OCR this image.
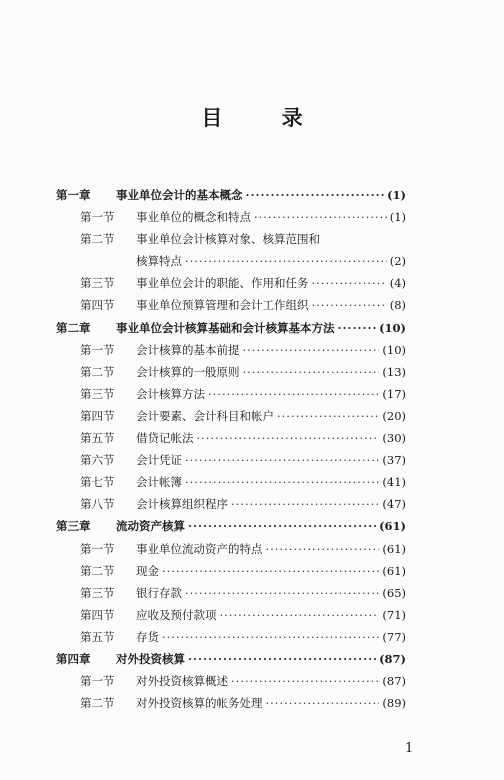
目 录
第一章	事业单位会计的基本概念 ·····	(1)
第一节	事业单位的概念和特点 ·····	(1)
第二节	事业单位会计核算对象、核算范围和
核算特点 ·····	(2)
第三节	事业单位会计的职能、作用和任务 ·····	(4)
第四节	事业单位预算管理和会计工作组织 ·····	(8)
第二章	事业单位会计核算基础和会计核算基本方法 ·····	(10)
第一节	会计核算的基本前提 ·····	(10)
第二节	会计核算的一般原则 ·····	(13)
第三节	会计核算方法 ·····	(17)
第四节	会计要素、会计科目和帐户 ·····	(20)
第五节	借贷记帐法 ·····	(30)
第六节	会计凭证 ·····	(37)
第七节	会计帐簿 ·····	(41)
第八节	会计核算组织程序 ·····	(47)
第三章	流动资产核算 ·····	(61)
第一节	事业单位流动资产的特点 ·····	(61)
第二节	现金 ·····	(61)
第三节	银行存款 ·····	(65)
第四节	应收及预付款项 ·····	(71)
第五节	存货 ·····	(77)
第四章	对外投资核算 ·····	(87)
第一节	对外投资核算概述 ·····	(87)
第二节	对外投资核算的帐务处理 ·····	(89)
1
